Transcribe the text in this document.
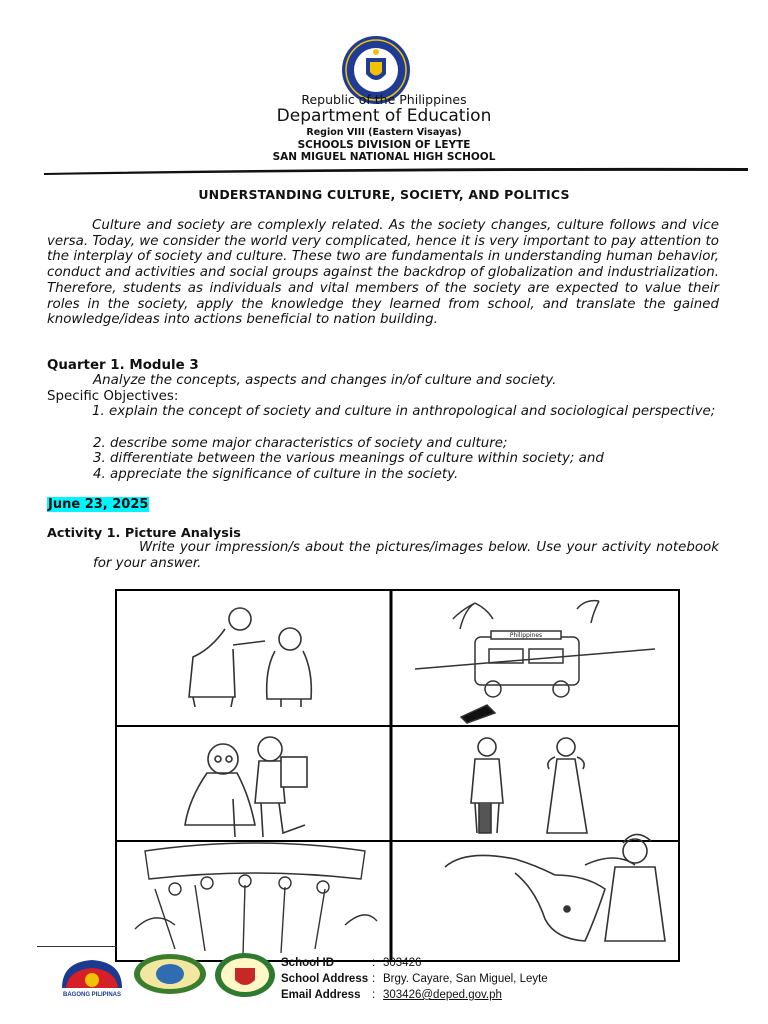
Republic of the Philippines
Department of Education
Region VIII (Eastern Visayas)
SCHOOLS DIVISION OF LEYTE
SAN MIGUEL NATIONAL HIGH SCHOOL
UNDERSTANDING CULTURE, SOCIETY, AND POLITICS
Culture and society are complexly related. As the society changes, culture follows and vice versa. Today, we consider the world very complicated, hence it is very important to pay attention to the interplay of society and culture. These two are fundamentals in understanding human behavior, conduct and activities and social groups against the backdrop of globalization and industrialization. Therefore, students as individuals and vital members of the society are expected to value their roles in the society, apply the knowledge they learned from school, and translate the gained knowledge/ideas into actions beneficial to nation building.
Quarter 1. Module 3
Analyze the concepts, aspects and changes in/of culture and society.
Specific Objectives:
1. explain the concept of society and culture in anthropological and sociological perspective;
2. describe some major characteristics of society and culture;
3. differentiate between the various meanings of culture within society; and
4. appreciate the significance of culture in the society.
June 23, 2025
Activity 1. Picture Analysis
Write your impression/s about the pictures/images below. Use your activity notebook for your answer.
Philippines
BAGONG PILIPINAS
School ID	: 303426
School Address : Brgy. Cayare, San Miguel, Leyte
Email Address : 303426@deped.gov.ph
